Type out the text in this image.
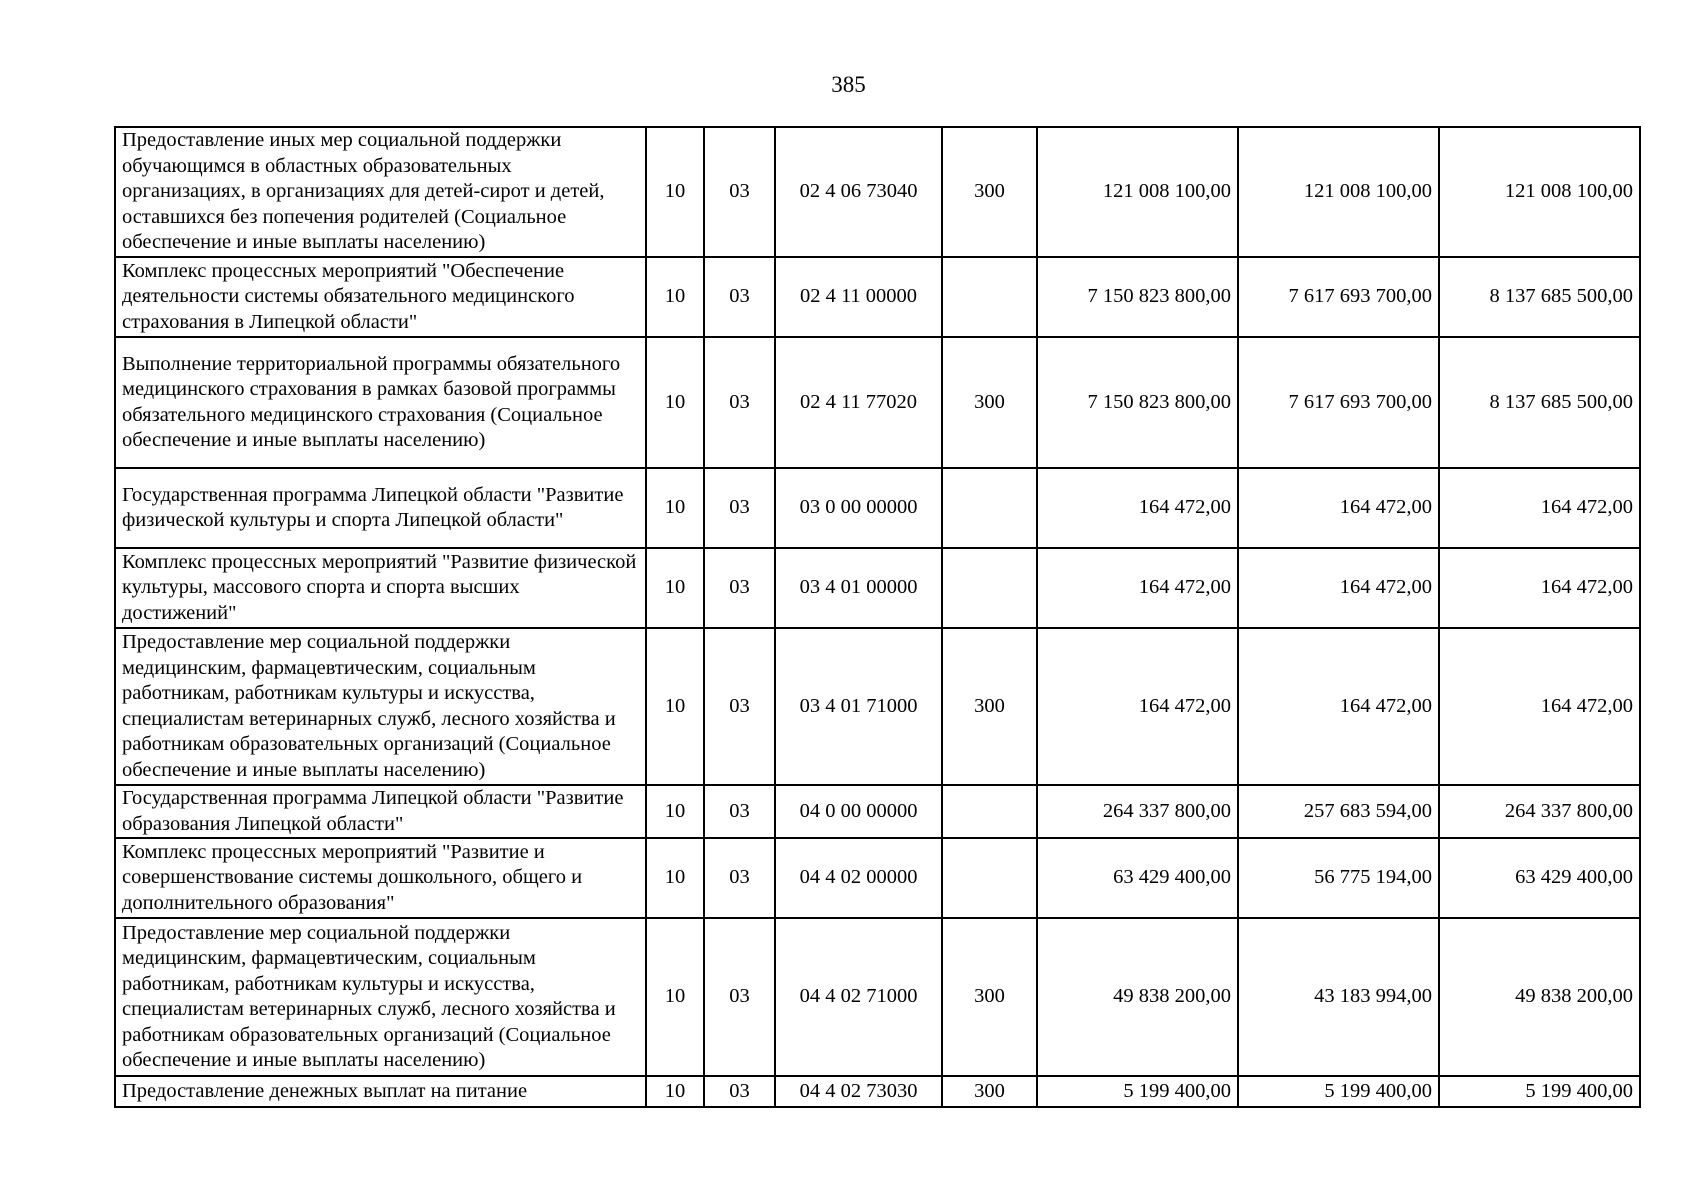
385
Предоставление иных мер социальной поддержки обучающимся в областных образовательных организациях, в организациях для детей-сирот и детей, оставшихся без попечения родителей (Социальное обеспечение и иные выплаты населению)	10	03	02 4 06 73040	300	121 008 100,00	121 008 100,00	121 008 100,00
Комплекс процессных мероприятий "Обеспечение деятельности системы обязательного медицинского страхования в Липецкой области"	10	03	02 4 11 00000		7 150 823 800,00	7 617 693 700,00	8 137 685 500,00
Выполнение территориальной программы обязательного медицинского страхования в рамках базовой программы обязательного медицинского страхования (Социальное обеспечение и иные выплаты населению)	10	03	02 4 11 77020	300	7 150 823 800,00	7 617 693 700,00	8 137 685 500,00
Государственная программа Липецкой области "Развитие физической культуры и спорта Липецкой области"	10	03	03 0 00 00000		164 472,00	164 472,00	164 472,00
Комплекс процессных мероприятий "Развитие физической культуры, массового спорта и спорта высших достижений"	10	03	03 4 01 00000		164 472,00	164 472,00	164 472,00
Предоставление мер социальной поддержки медицинским, фармацевтическим, социальным работникам, работникам культуры и искусства, специалистам ветеринарных служб, лесного хозяйства и работникам образовательных организаций (Социальное обеспечение и иные выплаты населению)	10	03	03 4 01 71000	300	164 472,00	164 472,00	164 472,00
Государственная программа Липецкой области "Развитие образования Липецкой области"	10	03	04 0 00 00000		264 337 800,00	257 683 594,00	264 337 800,00
Комплекс процессных мероприятий "Развитие и совершенствование системы дошкольного, общего и дополнительного образования"	10	03	04 4 02 00000		63 429 400,00	56 775 194,00	63 429 400,00
Предоставление мер социальной поддержки медицинским, фармацевтическим, социальным работникам, работникам культуры и искусства, специалистам ветеринарных служб, лесного хозяйства и работникам образовательных организаций (Социальное обеспечение и иные выплаты населению)	10	03	04 4 02 71000	300	49 838 200,00	43 183 994,00	49 838 200,00
Предоставление денежных выплат на питание	10	03	04 4 02 73030	300	5 199 400,00	5 199 400,00	5 199 400,00
